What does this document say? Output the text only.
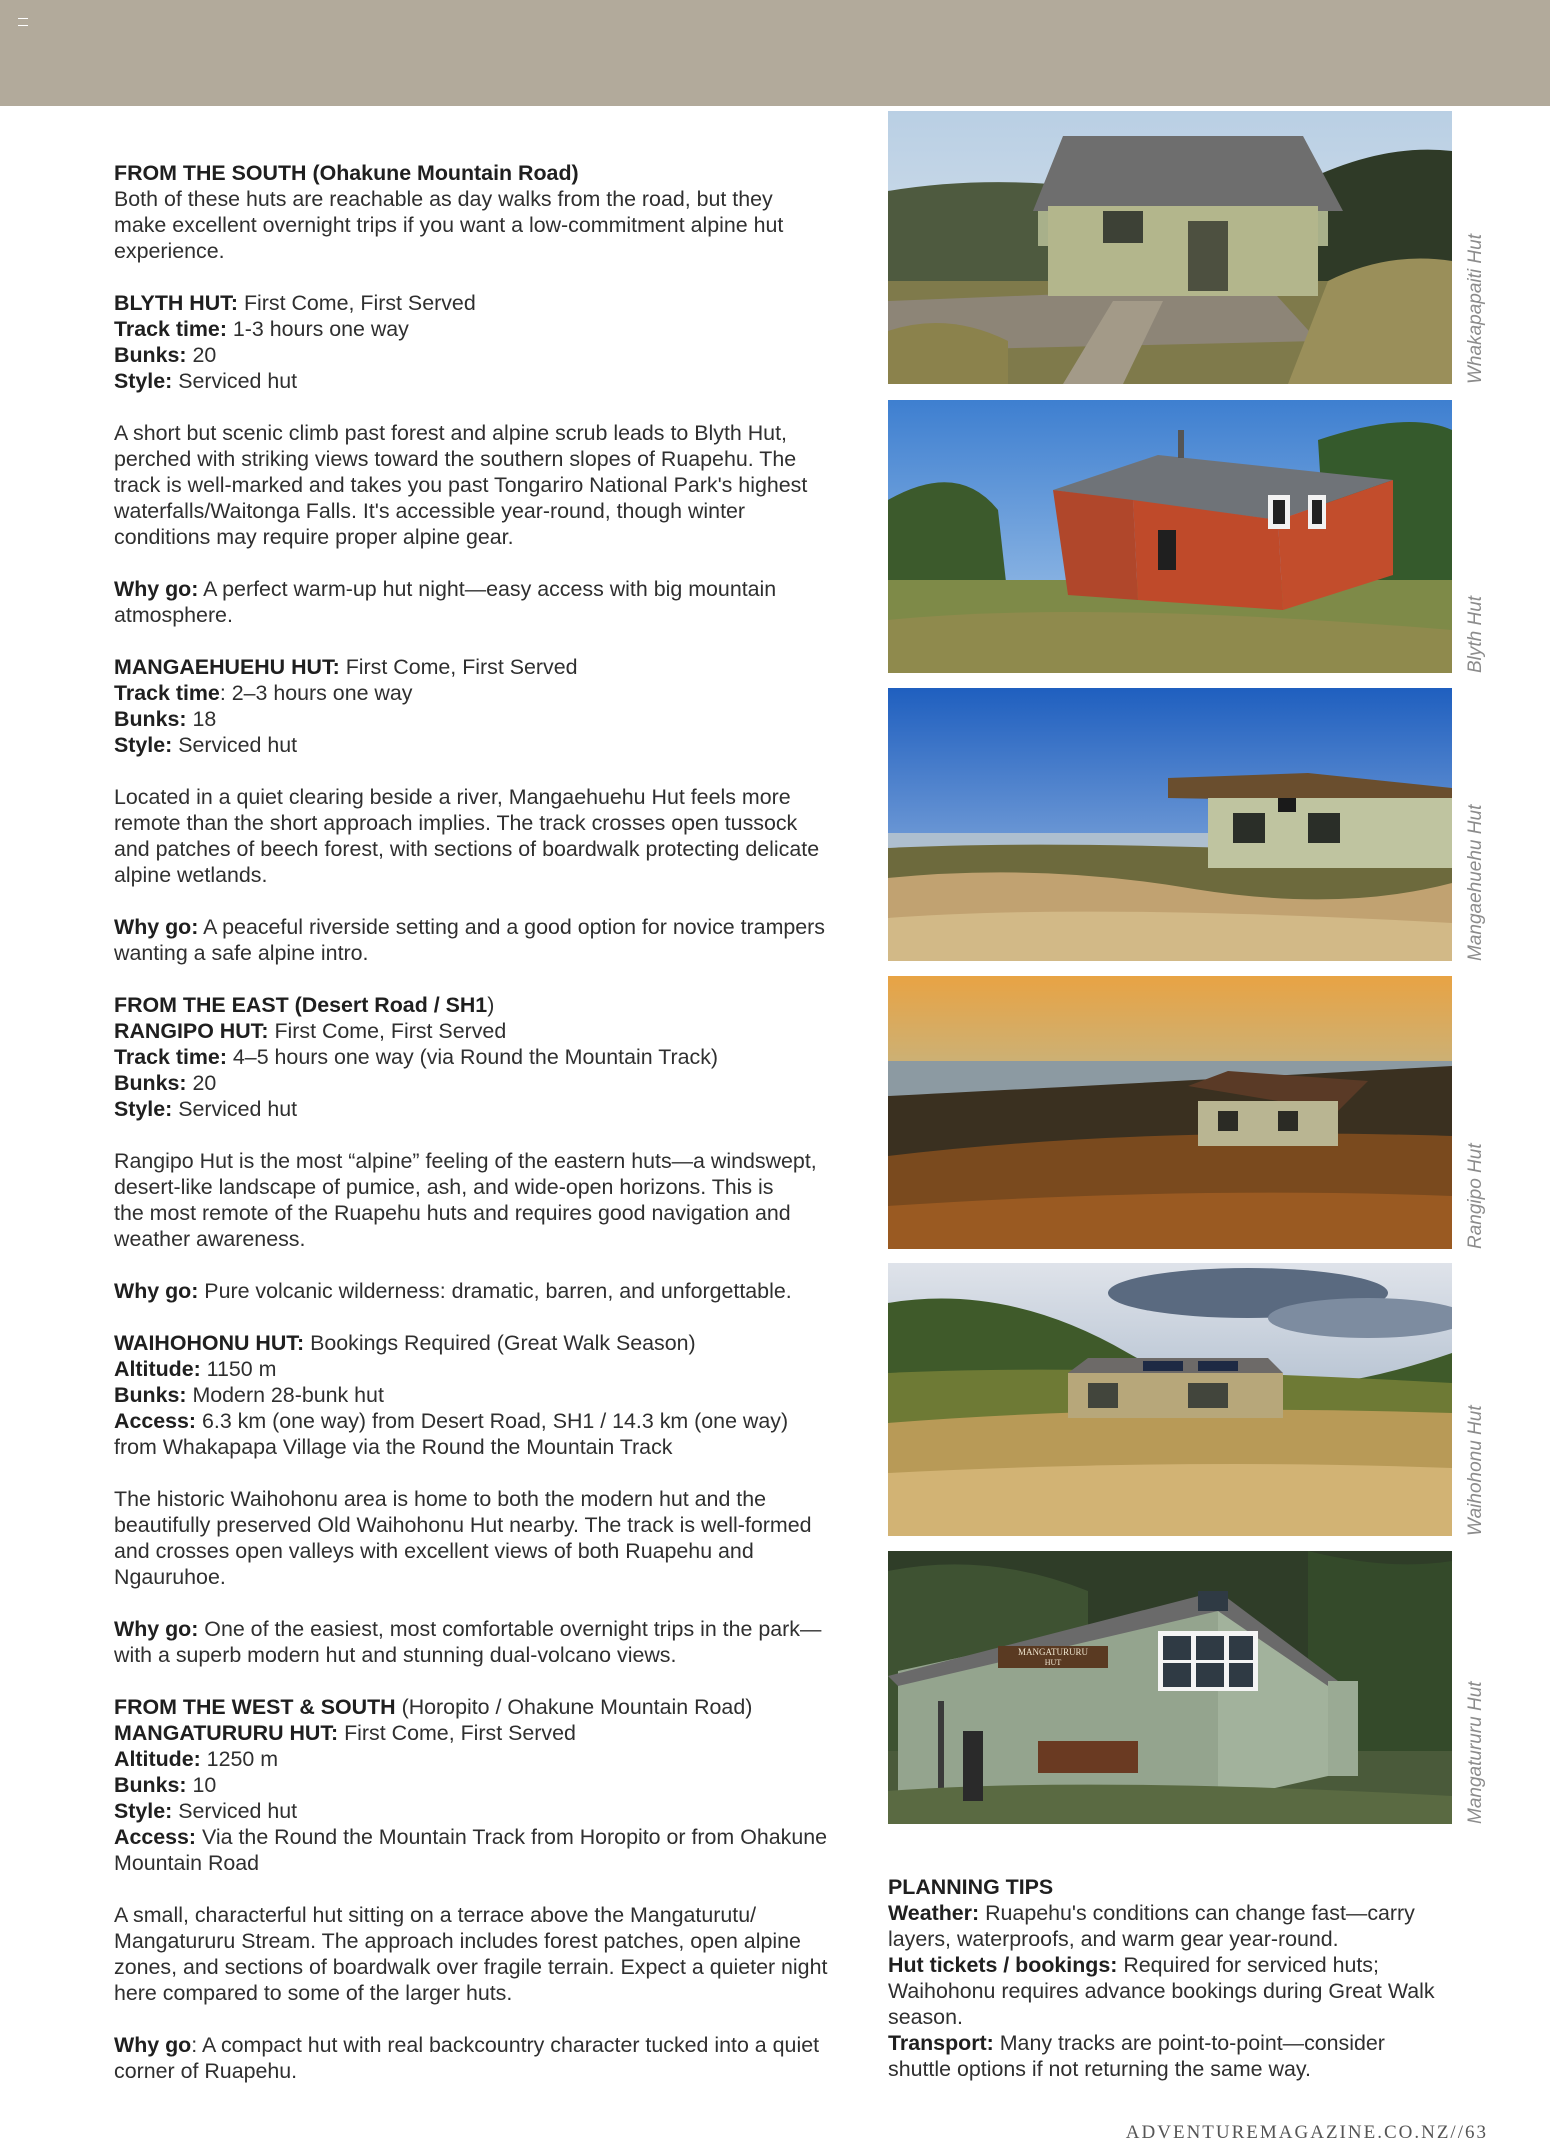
FROM THE SOUTH (Ohakune Mountain Road)
Both of these huts are reachable as day walks from the road, but they
make excellent overnight trips if you want a low-commitment alpine hut
experience.

BLYTH HUT: First Come, First Served
Track time: 1-3 hours one way
Bunks: 20
Style: Serviced hut

A short but scenic climb past forest and alpine scrub leads to Blyth Hut,
perched with striking views toward the southern slopes of Ruapehu. The
track is well-marked and takes you past Tongariro National Park's highest
waterfalls/Waitonga Falls. It's accessible year-round, though winter
conditions may require proper alpine gear.

Why go: A perfect warm-up hut night—easy access with big mountain
atmosphere.

MANGAEHUEHU HUT: First Come, First Served
Track time: 2–3 hours one way
Bunks: 18
Style: Serviced hut

Located in a quiet clearing beside a river, Mangaehuehu Hut feels more
remote than the short approach implies. The track crosses open tussock
and patches of beech forest, with sections of boardwalk protecting delicate
alpine wetlands.

Why go: A peaceful riverside setting and a good option for novice trampers
wanting a safe alpine intro.

FROM THE EAST (Desert Road / SH1)
RANGIPO HUT: First Come, First Served
Track time: 4–5 hours one way (via Round the Mountain Track)
Bunks: 20
Style: Serviced hut

Rangipo Hut is the most “alpine” feeling of the eastern huts—a windswept,
desert-like landscape of pumice, ash, and wide-open horizons. This is
the most remote of the Ruapehu huts and requires good navigation and
weather awareness.

Why go: Pure volcanic wilderness: dramatic, barren, and unforgettable.

WAIHOHONU HUT: Bookings Required (Great Walk Season)
Altitude: 1150 m
Bunks: Modern 28-bunk hut
Access: 6.3 km (one way) from Desert Road, SH1 / 14.3 km (one way)
from Whakapapa Village via the Round the Mountain Track

The historic Waihohonu area is home to both the modern hut and the
beautifully preserved Old Waihohonu Hut nearby. The track is well-formed
and crosses open valleys with excellent views of both Ruapehu and
Ngauruhoe.

Why go: One of the easiest, most comfortable overnight trips in the park—
with a superb modern hut and stunning dual-volcano views.

FROM THE WEST & SOUTH (Horopito / Ohakune Mountain Road)
MANGATURURU HUT: First Come, First Served
Altitude: 1250 m
Bunks: 10
Style: Serviced hut
Access: Via the Round the Mountain Track from Horopito or from Ohakune
Mountain Road

A small, characterful hut sitting on a terrace above the Mangaturutu/
Mangatururu Stream. The approach includes forest patches, open alpine
zones, and sections of boardwalk over fragile terrain. Expect a quieter night
here compared to some of the larger huts.

Why go: A compact hut with real backcountry character tucked into a quiet
corner of Ruapehu.

Whakapapaiti Hut
Blyth Hut
Mangaehuehu Hut
Rangipo Hut
Waihohonu Hut
MANGATURURU
HUT
Mangatururu Hut
PLANNING TIPS
Weather: Ruapehu's conditions can change fast—carry
layers, waterproofs, and warm gear year-round.
Hut tickets / bookings: Required for serviced huts;
Waihohonu requires advance bookings during Great Walk
season.
Transport: Many tracks are point-to-point—consider
shuttle options if not returning the same way.
ADVENTUREMAGAZINE.CO.NZ//63
